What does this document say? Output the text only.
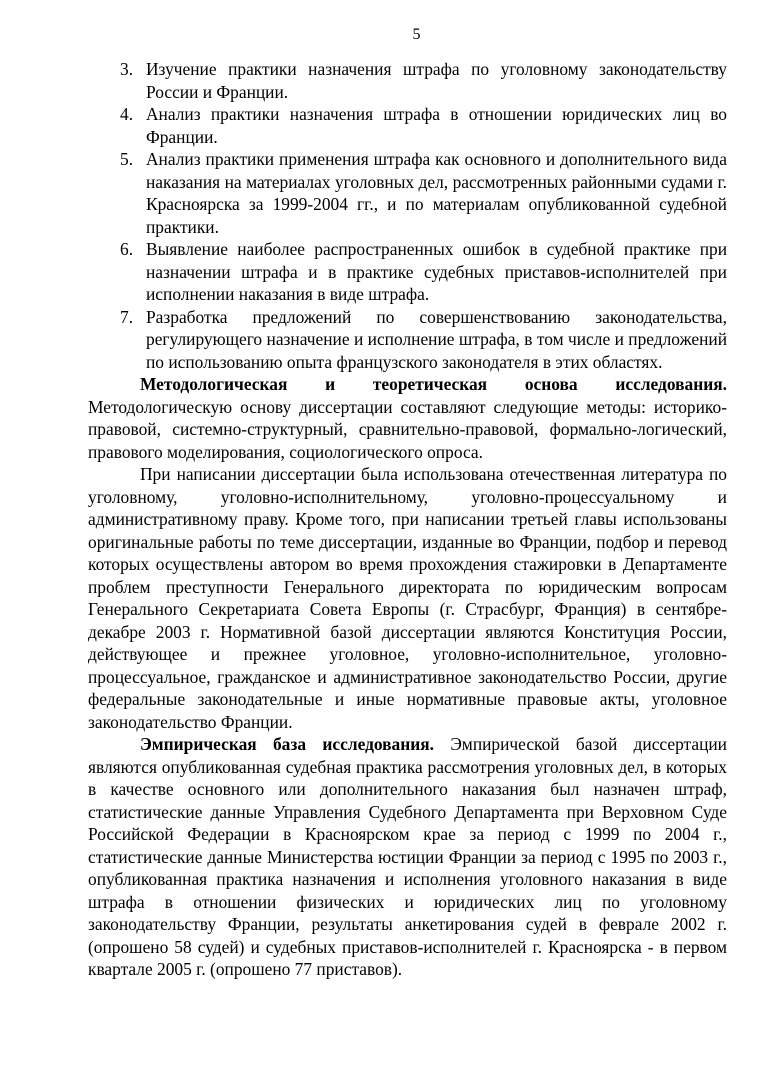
5
3. Изучение практики назначения штрафа по уголовному законодательству России и Франции.
4. Анализ практики назначения штрафа в отношении юридических лиц во Франции.
5. Анализ практики применения штрафа как основного и дополнительного вида наказания на материалах уголовных дел, рассмотренных районными судами г. Красноярска за 1999-2004 гг., и по материалам опубликованной судебной практики.
6. Выявление наиболее распространенных ошибок в судебной практике при назначении штрафа и в практике судебных приставов-исполнителей при исполнении наказания в виде штрафа.
7. Разработка предложений по совершенствованию законодательства, регулирующего назначение и исполнение штрафа, в том числе и предложений по использованию опыта французского законодателя в этих областях.
Методологическая и теоретическая основа исследования.

Методологическую основу диссертации составляют следующие методы: историко-правовой, системно-структурный, сравнительно-правовой, формально-логический, правового моделирования, социологического опроса.

При написании диссертации была использована отечественная литература по уголовному, уголовно-исполнительному, уголовно-процессуальному и административному праву. Кроме того, при написании третьей главы использованы оригинальные работы по теме диссертации, изданные во Франции, подбор и перевод которых осуществлены автором во время прохождения стажировки в Департаменте проблем преступности Генерального директората по юридическим вопросам Генерального Секретариата Совета Европы (г. Страсбург, Франция) в сентябре-декабре 2003 г. Нормативной базой диссертации являются Конституция России, действующее и прежнее уголовное, уголовно-исполнительное, уголовно-процессуальное, гражданское и административное законодательство России, другие федеральные законодательные и иные нормативные правовые акты, уголовное законодательство Франции.

Эмпирическая база исследования. Эмпирической базой диссертации являются опубликованная судебная практика рассмотрения уголовных дел, в которых в качестве основного или дополнительного наказания был назначен штраф, статистические данные Управления Судебного Департамента при Верховном Суде Российской Федерации в Красноярском крае за период с 1999 по 2004 г., статистические данные Министерства юстиции Франции за период с 1995 по 2003 г., опубликованная практика назначения и исполнения уголовного наказания в виде штрафа в отношении физических и юридических лиц по уголовному законодательству Франции, результаты анкетирования судей в феврале 2002 г. (опрошено 58 судей) и судебных приставов-исполнителей г. Красноярска - в первом квартале 2005 г. (опрошено 77 приставов).
